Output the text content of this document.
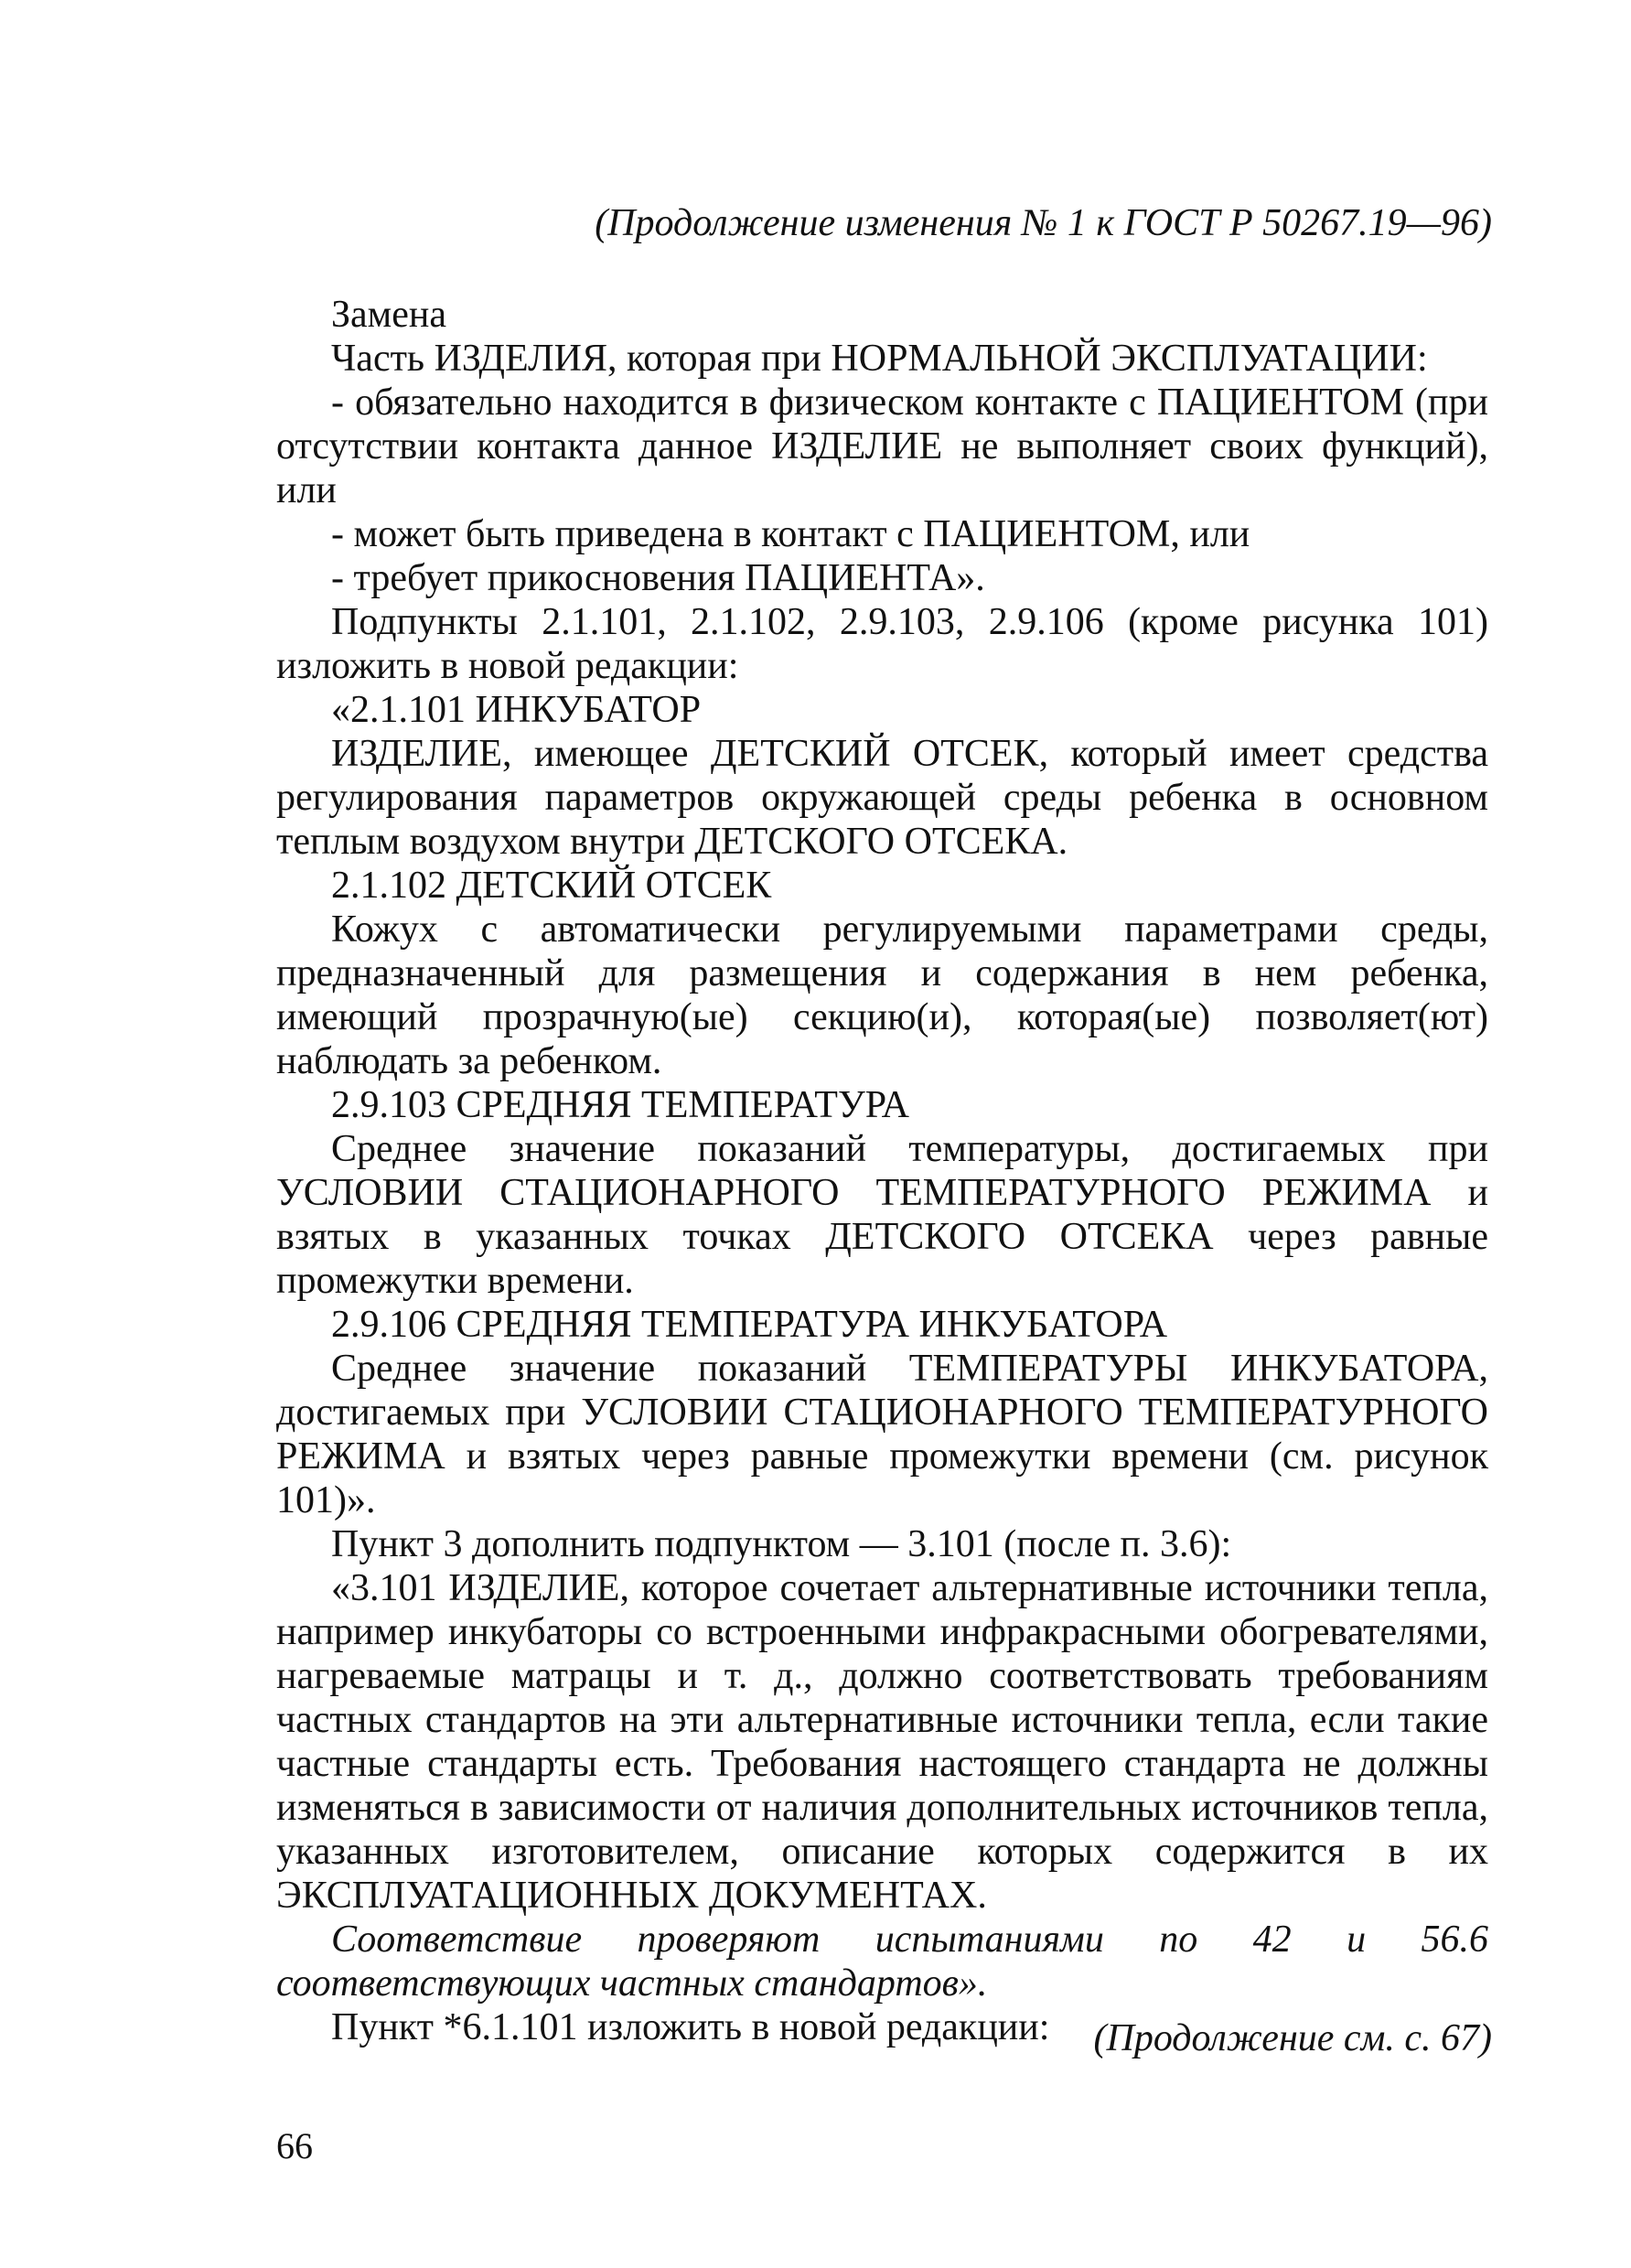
(Продолжение изменения № 1 к ГОСТ Р 50267.19—96)

Замена

Часть ИЗДЕЛИЯ, которая при НОРМАЛЬНОЙ ЭКСПЛУАТАЦИИ:

- обязательно находится в физическом контакте с ПАЦИЕНТОМ (при отсутствии контакта данное ИЗДЕЛИЕ не выполняет своих функций), или

- может быть приведена в контакт с ПАЦИЕНТОМ, или

- требует прикосновения ПАЦИЕНТА».

Подпункты 2.1.101, 2.1.102, 2.9.103, 2.9.106 (кроме рисунка 101) изложить в новой редакции:

«2.1.101 ИНКУБАТОР

ИЗДЕЛИЕ, имеющее ДЕТСКИЙ ОТСЕК, который имеет средства регулирования параметров окружающей среды ребенка в основном теплым воздухом внутри ДЕТСКОГО ОТСЕКА.

2.1.102 ДЕТСКИЙ ОТСЕК

Кожух с автоматически регулируемыми параметрами среды, предназначенный для размещения и содержания в нем ребенка, имеющий прозрачную(ые) секцию(и), которая(ые) позволяет(ют) наблюдать за ребенком.

2.9.103 СРЕДНЯЯ ТЕМПЕРАТУРА

Среднее значение показаний температуры, достигаемых при УСЛОВИИ СТАЦИОНАРНОГО ТЕМПЕРАТУРНОГО РЕЖИМА и взятых в указанных точках ДЕТСКОГО ОТСЕКА через равные промежутки времени.

2.9.106 СРЕДНЯЯ ТЕМПЕРАТУРА ИНКУБАТОРА

Среднее значение показаний ТЕМПЕРАТУРЫ ИНКУБАТОРА, достигаемых при УСЛОВИИ СТАЦИОНАРНОГО ТЕМПЕРАТУРНОГО РЕЖИМА и взятых через равные промежутки времени (см. рисунок 101)».

Пункт 3 дополнить подпунктом — 3.101 (после п. 3.6):

«3.101 ИЗДЕЛИЕ, которое сочетает альтернативные источники тепла, например инкубаторы со встроенными инфракрасными обогревателями, нагреваемые матрацы и т. д., должно соответствовать требованиям частных стандартов на эти альтернативные источники тепла, если такие частные стандарты есть. Требования настоящего стандарта не должны изменяться в зависимости от наличия дополнительных источников тепла, указанных изготовителем, описание которых содержится в их ЭКСПЛУАТАЦИОННЫХ ДОКУМЕНТАХ.

Соответствие проверяют испытаниями по 42 и 56.6 соответствующих частных стандартов».

Пункт *6.1.101 изложить в новой редакции:	(Продолжение см. с. 67)
66
